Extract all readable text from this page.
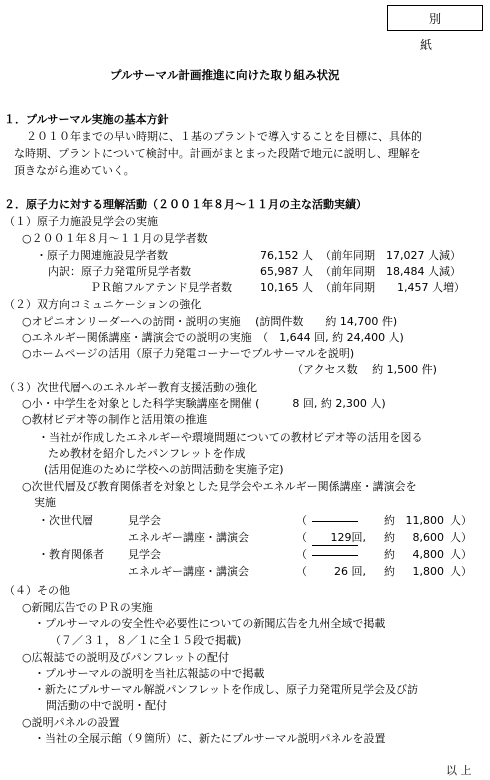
別 紙
プルサーマル計画推進に向けた取り組み状況
１．プルサーマル実施の基本方針
２０１０年までの早い時期に、１基のプラントで導入することを目標に、具体的
な時期、プラントについて検討中。計画がまとまった段階で地元に説明し、理解を
頂きながら進めていく。
２．原子力に対する理解活動（２００１年８月〜１１月の主な活動実績）
（１）原子力施設見学会の実施
○２００１年８月〜１１月の見学者数
・原子力関連施設見学者数	76,152 人 （前年同期　17,027 人減）
内訳：原子力発電所見学者数	65,987 人 （前年同期　18,484 人減）
ＰＲ館フルアテンド見学者数	10,165 人 （前年同期　　1,457 人増）
（２）双方向コミュニケーションの強化
○オピニオンリーダーへの訪問・説明の実施　 (訪問件数　　約 14,700 件)
○エネルギー関係講座・講演会での説明の実施　（　1,644 回, 約 24,400 人)
○ホームページの活用（原子力発電コーナーでプルサーマルを説明)
（アクセス数　 約 1,500 件)
（３）次世代層へのエネルギー教育支援活動の強化
○小・中学生を対象とした科学実験講座を開催 (　　　8 回, 約 2,300 人)
○教材ビデオ等の制作と活用策の推進
・当社が作成したエネルギーや環境問題についての教材ビデオ等の活用を図る
ため教材を紹介したパンフレットを作成
(活用促進のために学校への訪問活動を実施予定)
○次世代層及び教育関係者を対象とした見学会やエネルギー関係講座・講演会を
実施
・次世代層	見学会	（	約 11,800 人）
エネルギー講座・講演会	（	129回, 約	8,600 人）
・教育関係者 見学会	（	約	4,800 人）
エネルギー講座・講演会	（	26 回, 約	1,800 人）
（４）その他
○新聞広告でのＰＲの実施
・プルサーマルの安全性や必要性についての新聞広告を九州全域で掲載
（７／３１，８／１に全１５段で掲載)
○広報誌での説明及びパンフレットの配付
・プルサーマルの説明を当社広報誌の中で掲載
・新たにプルサーマル解説パンフレットを作成し、原子力発電所見学会及び訪
問活動の中で説明・配付
○説明パネルの設置
・当社の全展示館（９箇所）に、新たにプルサーマル説明パネルを設置
以 上
